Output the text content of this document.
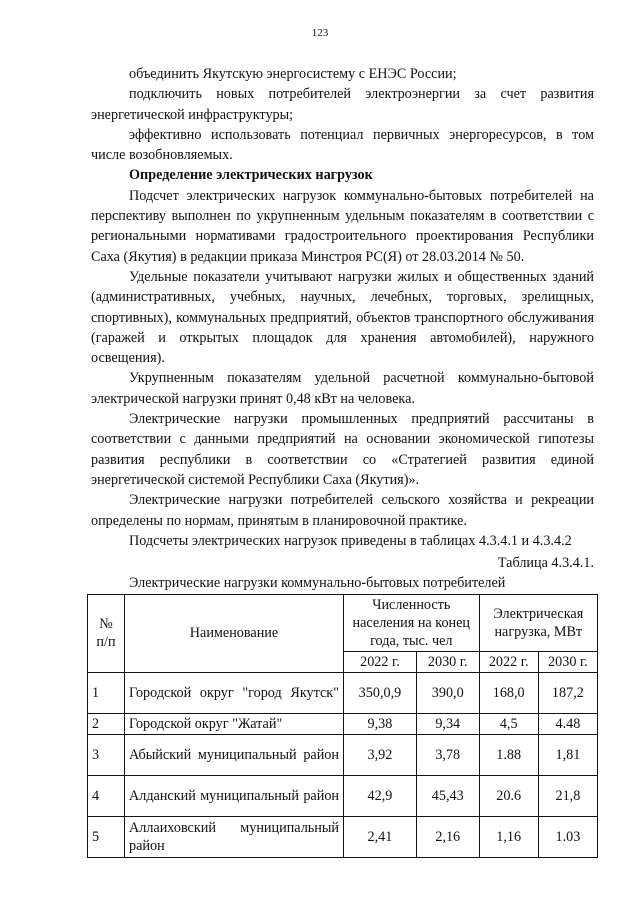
123

объединить Якутскую энергосистему с ЕНЭС России;

подключить новых потребителей электроэнергии за счет развития энергетической инфраструктуры;

эффективно использовать потенциал первичных энергоресурсов, в том числе возобновляемых.

Определение электрических нагрузок

Подсчет электрических нагрузок коммунально-бытовых потребителей на перспективу выполнен по укрупненным удельным показателям в соответствии с региональными нормативами градостроительного проектирования Республики Саха (Якутия) в редакции приказа Минстроя РС(Я) от 28.03.2014 № 50.

Удельные показатели учитывают нагрузки жилых и общественных зданий (административных, учебных, научных, лечебных, торговых, зрелищных, спортивных), коммунальных предприятий, объектов транспортного обслуживания (гаражей и открытых площадок для хранения автомобилей), наружного освещения).

Укрупненным показателям удельной расчетной коммунально-бытовой электрической нагрузки принят 0,48 кВт на человека.

Электрические нагрузки промышленных предприятий рассчитаны в соответствии с данными предприятий на основании экономической гипотезы развития республики в соответствии со «Стратегией развития единой энергетической системой Республики Саха (Якутия)».

Электрические нагрузки потребителей сельского хозяйства и рекреации определены по нормам, принятым в планировочной практике.

Подсчеты электрических нагрузок приведены в таблицах 4.3.4.1 и 4.3.4.2

Таблица 4.3.4.1.

Электрические нагрузки коммунально-бытовых потребителей

№ п/п	Наименование	Численность населения на конец года, тыс. чел		Электрическая нагрузка, МВт	
		2022 г.	2030 г.	2022 г.	2030 г.
1	Городской округ "город Якутск"	350,0,9	390,0	168,0	187,2
2	Городской округ "Жатай"	9,38	9,34	4,5	4.48
3	Абыйский муниципальный район	3,92	3,78	1.88	1,81
4	Алданский муниципальный район	42,9	45,43	20.6	21,8
5	Аллаиховский муниципальный район	2,41	2,16	1,16	1.03
